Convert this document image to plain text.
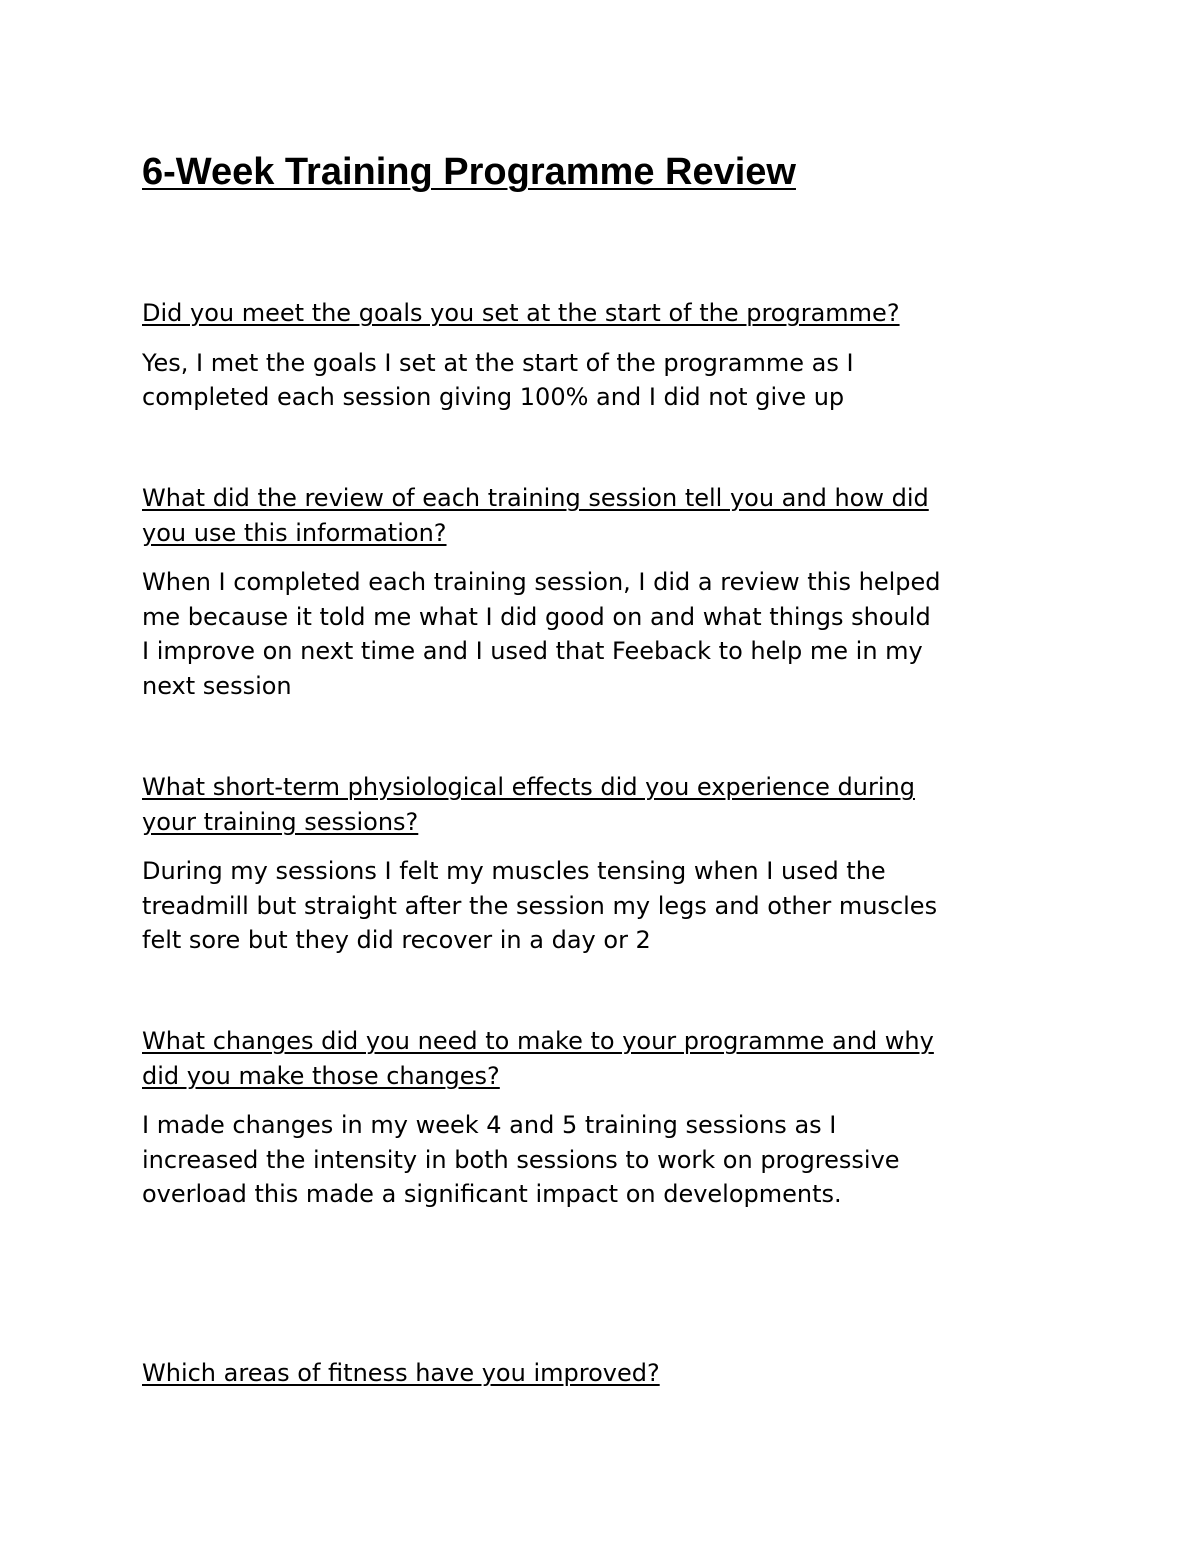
6-Week Training Programme Review

Did you meet the goals you set at the start of the programme?

Yes, I met the goals I set at the start of the programme as I
completed each session giving 100% and I did not give up

What did the review of each training session tell you and how did
you use this information?

When I completed each training session, I did a review this helped
me because it told me what I did good on and what things should
I improve on next time and I used that Feeback to help me in my
next session

What short-term physiological effects did you experience during
your training sessions?

During my sessions I felt my muscles tensing when I used the
treadmill but straight after the session my legs and other muscles
felt sore but they did recover in a day or 2

What changes did you need to make to your programme and why
did you make those changes?

I made changes in my week 4 and 5 training sessions as I
increased the intensity in both sessions to work on progressive
overload this made a significant impact on developments.

Which areas of fitness have you improved?
